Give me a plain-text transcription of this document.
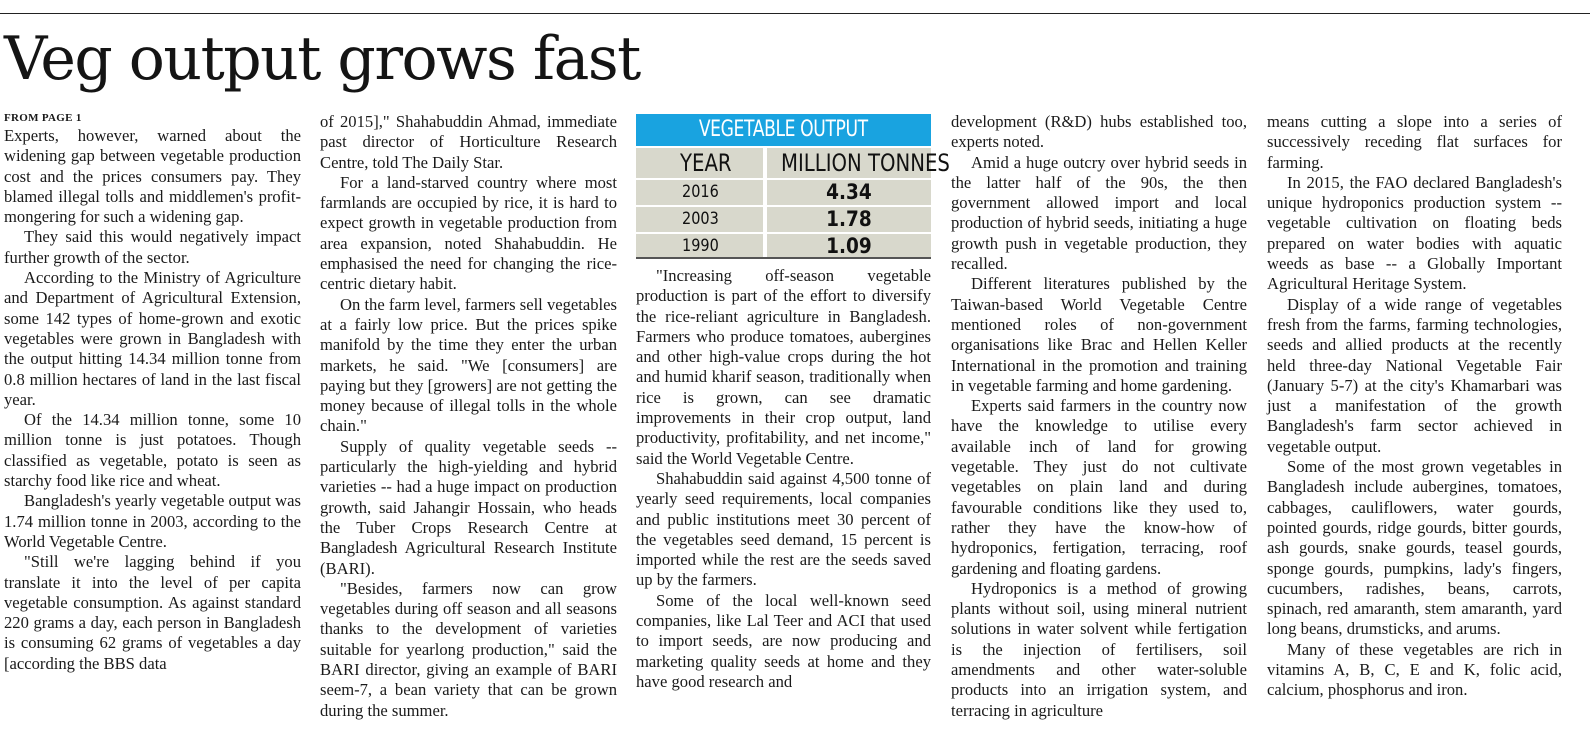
Veg output grows fast
FROM PAGE 1

Experts, however, warned about the widening gap between vegetable production cost and the prices consumers pay. They blamed illegal tolls and middlemen's profit-mongering for such a widening gap.

They said this would negatively impact further growth of the sector.

According to the Ministry of Agriculture and Department of Agricultural Extension, some 142 types of home-grown and exotic vegetables were grown in Bangladesh with the output hitting 14.34 million tonne from 0.8 million hectares of land in the last fiscal year.

Of the 14.34 million tonne, some 10 million tonne is just potatoes. Though classified as vegetable, potato is seen as starchy food like rice and wheat.

Bangladesh's yearly vegetable output was 1.74 million tonne in 2003, according to the World Vegetable Centre.

"Still we're lagging behind if you translate it into the level of per capita vegetable consumption. As against standard 220 grams a day, each person in Bangladesh is consuming 62 grams of vegetables a day [according the BBS data

of 2015]," Shahabuddin Ahmad, immediate past director of Horticulture Research Centre, told The Daily Star.

For a land-starved country where most farmlands are occupied by rice, it is hard to expect growth in vegetable production from area expansion, noted Shahabuddin. He emphasised the need for changing the rice-centric dietary habit.

On the farm level, farmers sell vegetables at a fairly low price. But the prices spike manifold by the time they enter the urban markets, he said. "We [consumers] are paying but they [growers] are not getting the money because of illegal tolls in the whole chain."

Supply of quality vegetable seeds -- particularly the high-yielding and hybrid varieties -- had a huge impact on production growth, said Jahangir Hossain, who heads the Tuber Crops Research Centre at Bangladesh Agricultural Research Institute (BARI).

"Besides, farmers now can grow vegetables during off season and all seasons thanks to the development of varieties suitable for yearlong production," said the BARI director, giving an example of BARI seem-7, a bean variety that can be grown during the summer.

VEGETABLE OUTPUT
YEAR	MILLION TONNES
2016	4.34
2003	1.78
1990	1.09

"Increasing off-season vegetable production is part of the effort to diversify the rice-reliant agriculture in Bangladesh. Farmers who produce tomatoes, aubergines and other high-value crops during the hot and humid kharif season, traditionally when rice is grown, can see dramatic improvements in their crop output, land productivity, profitability, and net income," said the World Vegetable Centre.

Shahabuddin said against 4,500 tonne of yearly seed requirements, local companies and public institutions meet 30 percent of the vegetables seed demand, 15 percent is imported while the rest are the seeds saved up by the farmers.

Some of the local well-known seed companies, like Lal Teer and ACI that used to import seeds, are now producing and marketing quality seeds at home and they have good research and

development (R&D) hubs established too, experts noted.

Amid a huge outcry over hybrid seeds in the latter half of the 90s, the then government allowed import and local production of hybrid seeds, initiating a huge growth push in vegetable production, they recalled.

Different literatures published by the Taiwan-based World Vegetable Centre mentioned roles of non-government organisations like Brac and Hellen Keller International in the promotion and training in vegetable farming and home gardening.

Experts said farmers in the country now have the knowledge to utilise every available inch of land for growing vegetable. They just do not cultivate vegetables on plain land and during favourable conditions like they used to, rather they have the know-how of hydroponics, fertigation, terracing, roof gardening and floating gardens.

Hydroponics is a method of growing plants without soil, using mineral nutrient solutions in water solvent while fertigation is the injection of fertilisers, soil amendments and other water-soluble products into an irrigation system, and terracing in agriculture

means cutting a slope into a series of successively receding flat surfaces for farming.

In 2015, the FAO declared Bangladesh's unique hydroponics production system -- vegetable cultivation on floating beds prepared on water bodies with aquatic weeds as base -- a Globally Important Agricultural Heritage System.

Display of a wide range of vegetables fresh from the farms, farming technologies, seeds and allied products at the recently held three-day National Vegetable Fair (January 5-7) at the city's Khamarbari was just a manifestation of the growth Bangladesh's farm sector achieved in vegetable output.

Some of the most grown vegetables in Bangladesh include aubergines, tomatoes, cabbages, cauliflowers, water gourds, pointed gourds, ridge gourds, bitter gourds, ash gourds, snake gourds, teasel gourds, sponge gourds, pumpkins, lady's fingers, cucumbers, radishes, beans, carrots, spinach, red amaranth, stem amaranth, yard long beans, drumsticks, and arums.

Many of these vegetables are rich in vitamins A, B, C, E and K, folic acid, calcium, phosphorus and iron.
